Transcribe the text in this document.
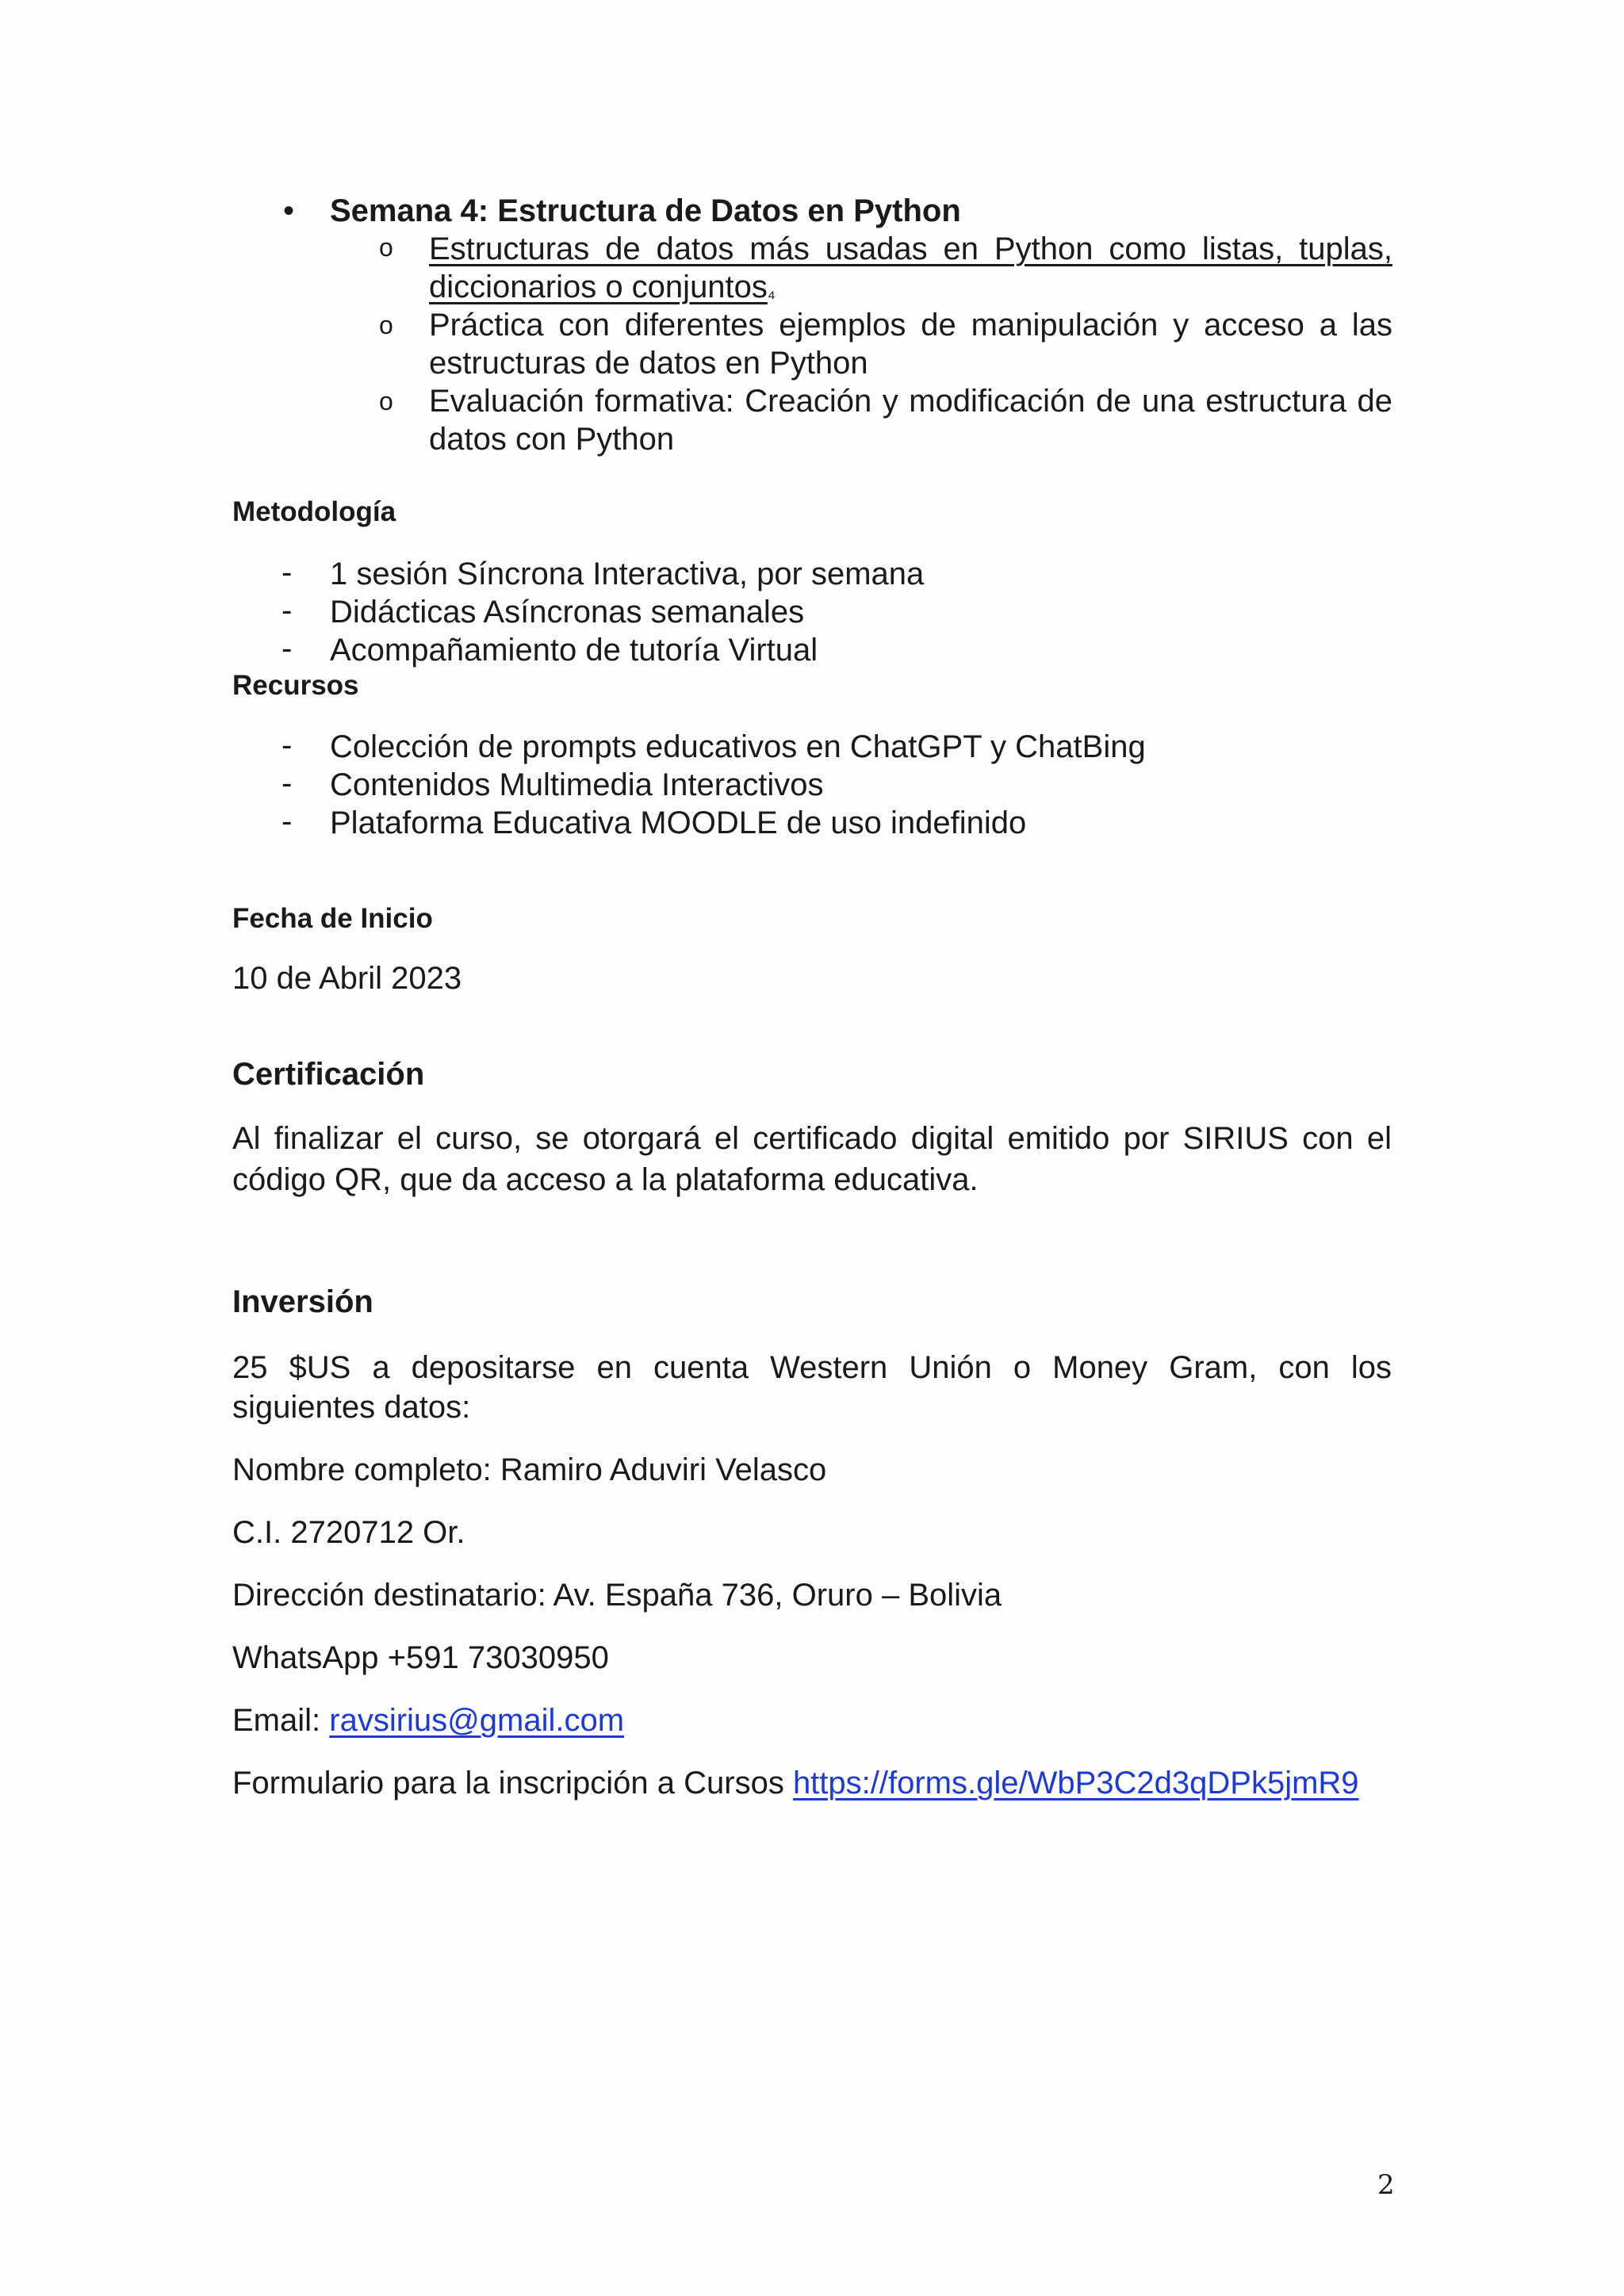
• Semana 4: Estructura de Datos en Python
o Estructuras de datos más usadas en Python como listas, tuplas,
diccionarios o conjuntos₄
o Práctica con diferentes ejemplos de manipulación y acceso a las
estructuras de datos en Python
o Evaluación formativa: Creación y modificación de una estructura de
datos con Python
Metodología
- 1 sesión Síncrona Interactiva, por semana
- Didácticas Asíncronas semanales
- Acompañamiento de tutoría Virtual
Recursos
- Colección de prompts educativos en ChatGPT y ChatBing
- Contenidos Multimedia Interactivos
- Plataforma Educativa MOODLE de uso indefinido
Fecha de Inicio
10 de Abril 2023
Certificación
Al finalizar el curso, se otorgará el certificado digital emitido por SIRIUS con el
código QR, que da acceso a la plataforma educativa.
Inversión
25 $US a depositarse en cuenta Western Unión o Money Gram, con los
siguientes datos:
Nombre completo: Ramiro Aduviri Velasco
C.I. 2720712 Or.
Dirección destinatario: Av. España 736, Oruro – Bolivia
WhatsApp +591 73030950
Email: ravsirius@gmail.com
Formulario para la inscripción a Cursos https://forms.gle/WbP3C2d3qDPk5jmR9
2
